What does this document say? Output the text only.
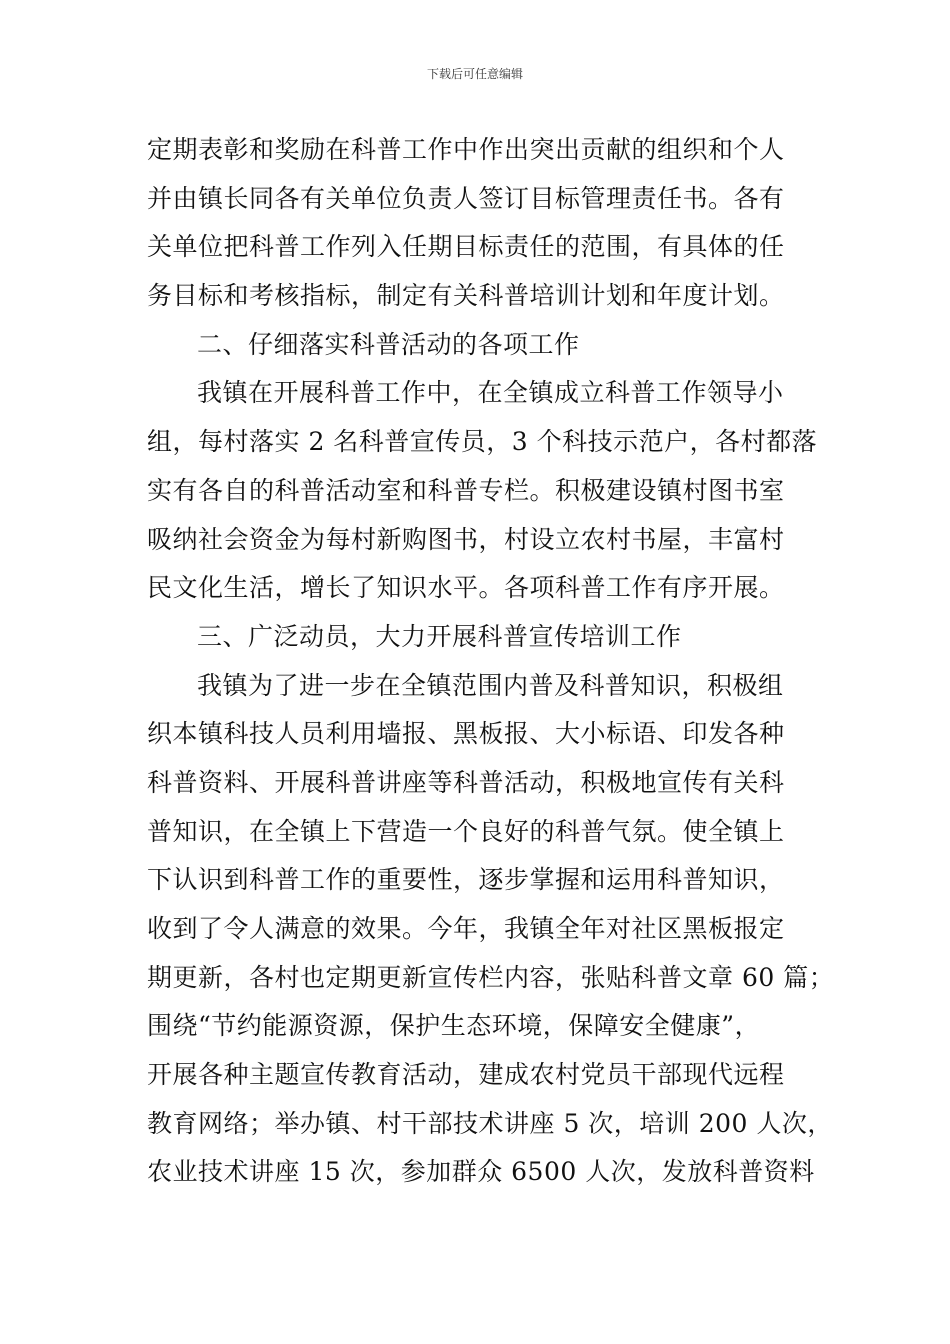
下载后可任意编辑
定期表彰和奖励在科普工作中作出突出贡献的组织和个人
并由镇长同各有关单位负责人签订目标管理责任书。各有
关单位把科普工作列入任期目标责任的范围，有具体的任
务目标和考核指标，制定有关科普培训计划和年度计划。
二、仔细落实科普活动的各项工作
我镇在开展科普工作中，在全镇成立科普工作领导小
组，每村落实 2 名科普宣传员，3 个科技示范户，各村都落
实有各自的科普活动室和科普专栏。积极建设镇村图书室
吸纳社会资金为每村新购图书，村设立农村书屋，丰富村
民文化生活，增长了知识水平。各项科普工作有序开展。
三、广泛动员，大力开展科普宣传培训工作
我镇为了进一步在全镇范围内普及科普知识，积极组
织本镇科技人员利用墙报、黑板报、大小标语、印发各种
科普资料、开展科普讲座等科普活动，积极地宣传有关科
普知识，在全镇上下营造一个良好的科普气氛。使全镇上
下认识到科普工作的重要性，逐步掌握和运用科普知识，
收到了令人满意的效果。今年，我镇全年对社区黑板报定
期更新，各村也定期更新宣传栏内容，张贴科普文章 60 篇；
围绕“节约能源资源，保护生态环境，保障安全健康”，
开展各种主题宣传教育活动，建成农村党员干部现代远程
教育网络；举办镇、村干部技术讲座 5 次，培训 200 人次，
农业技术讲座 15 次，参加群众 6500 人次，发放科普资料
